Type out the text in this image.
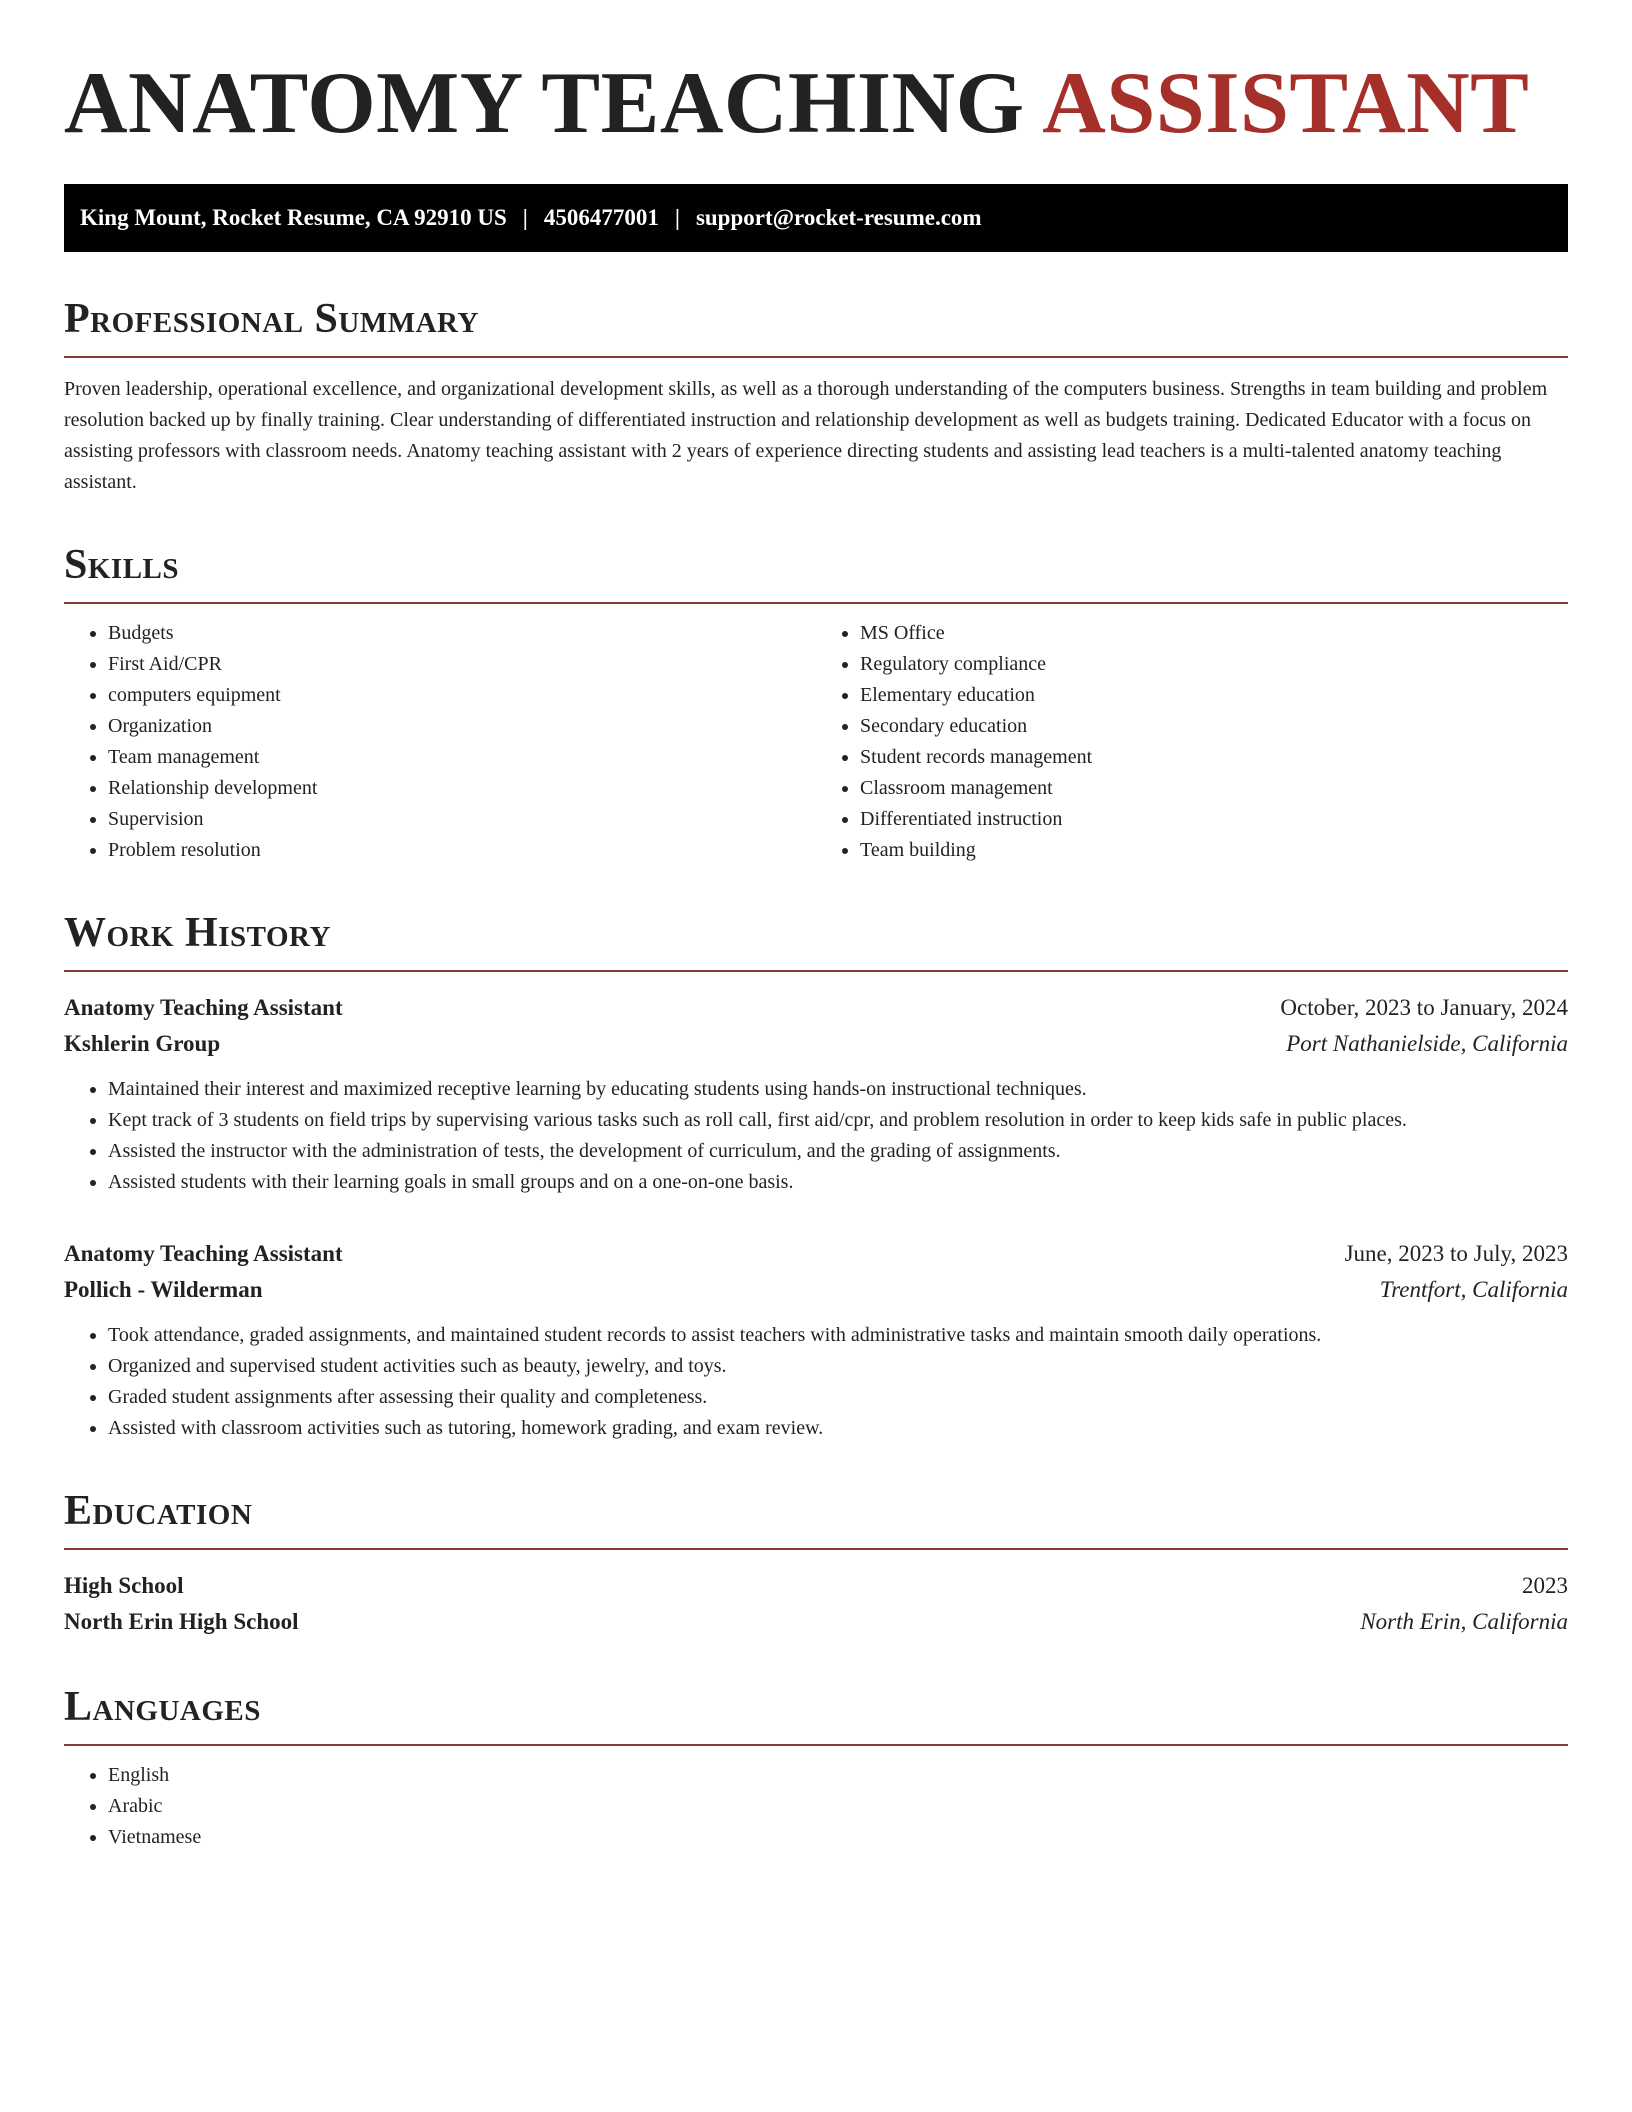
ANATOMY TEACHING ASSISTANT
King Mount, Rocket Resume, CA 92910 US | 4506477001 | support@rocket-resume.com
Professional Summary

Proven leadership, operational excellence, and organizational development skills, as well as a thorough understanding of the computers business. Strengths in team building and problem resolution backed up by finally training. Clear understanding of differentiated instruction and relationship development as well as budgets training. Dedicated Educator with a focus on assisting professors with classroom needs. Anatomy teaching assistant with 2 years of experience directing students and assisting lead teachers is a multi-talented anatomy teaching assistant.

Skills
• Budgets
• First Aid/CPR
• computers equipment
• Organization
• Team management
• Relationship development
• Supervision
• Problem resolution
• MS Office
• Regulatory compliance
• Elementary education
• Secondary education
• Student records management
• Classroom management
• Differentiated instruction
• Team building
Work History
Anatomy Teaching Assistant	October, 2023 to January, 2024
Kshlerin Group	Port Nathanielside, California
• Maintained their interest and maximized receptive learning by educating students using hands-on instructional techniques.
• Kept track of 3 students on field trips by supervising various tasks such as roll call, first aid/cpr, and problem resolution in order to keep kids safe in public places.
• Assisted the instructor with the administration of tests, the development of curriculum, and the grading of assignments.
• Assisted students with their learning goals in small groups and on a one-on-one basis.
Anatomy Teaching Assistant	June, 2023 to July, 2023
Pollich - Wilderman	Trentfort, California
• Took attendance, graded assignments, and maintained student records to assist teachers with administrative tasks and maintain smooth daily operations.
• Organized and supervised student activities such as beauty, jewelry, and toys.
• Graded student assignments after assessing their quality and completeness.
• Assisted with classroom activities such as tutoring, homework grading, and exam review.
Education
High School	2023
North Erin High School	North Erin, California
Languages
• English
• Arabic
• Vietnamese
